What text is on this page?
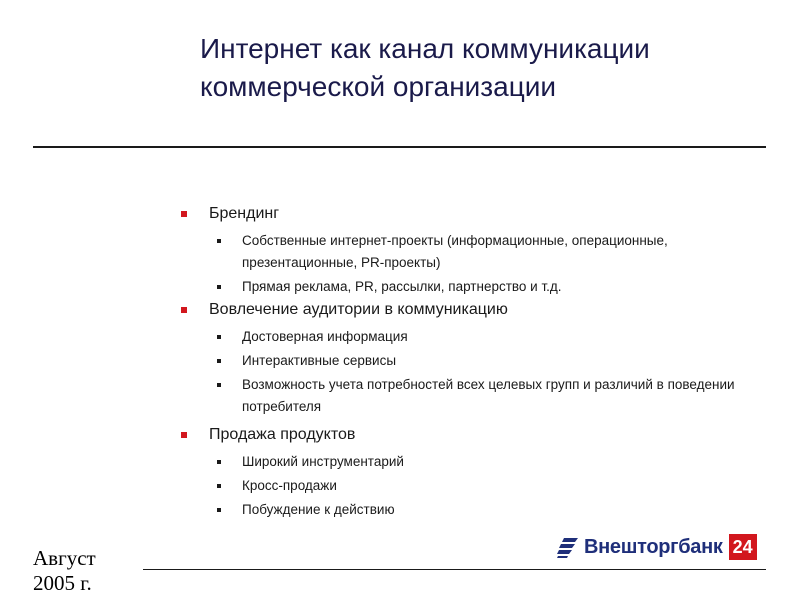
Интернет как канал коммуникации
коммерческой организации
Брендинг
Собственные интернет-проекты (информационные, операционные, презентационные, PR-проекты)
Прямая реклама, PR, рассылки, партнерство и т.д.
Вовлечение аудитории в коммуникацию
Достоверная информация
Интерактивные сервисы
Возможность учета потребностей всех целевых групп и различий в поведении потребителя
Продажа продуктов
Широкий инструментарий
Кросс-продажи
Побуждение к действию
Август
2005 г.
Внешторгбанк 24
